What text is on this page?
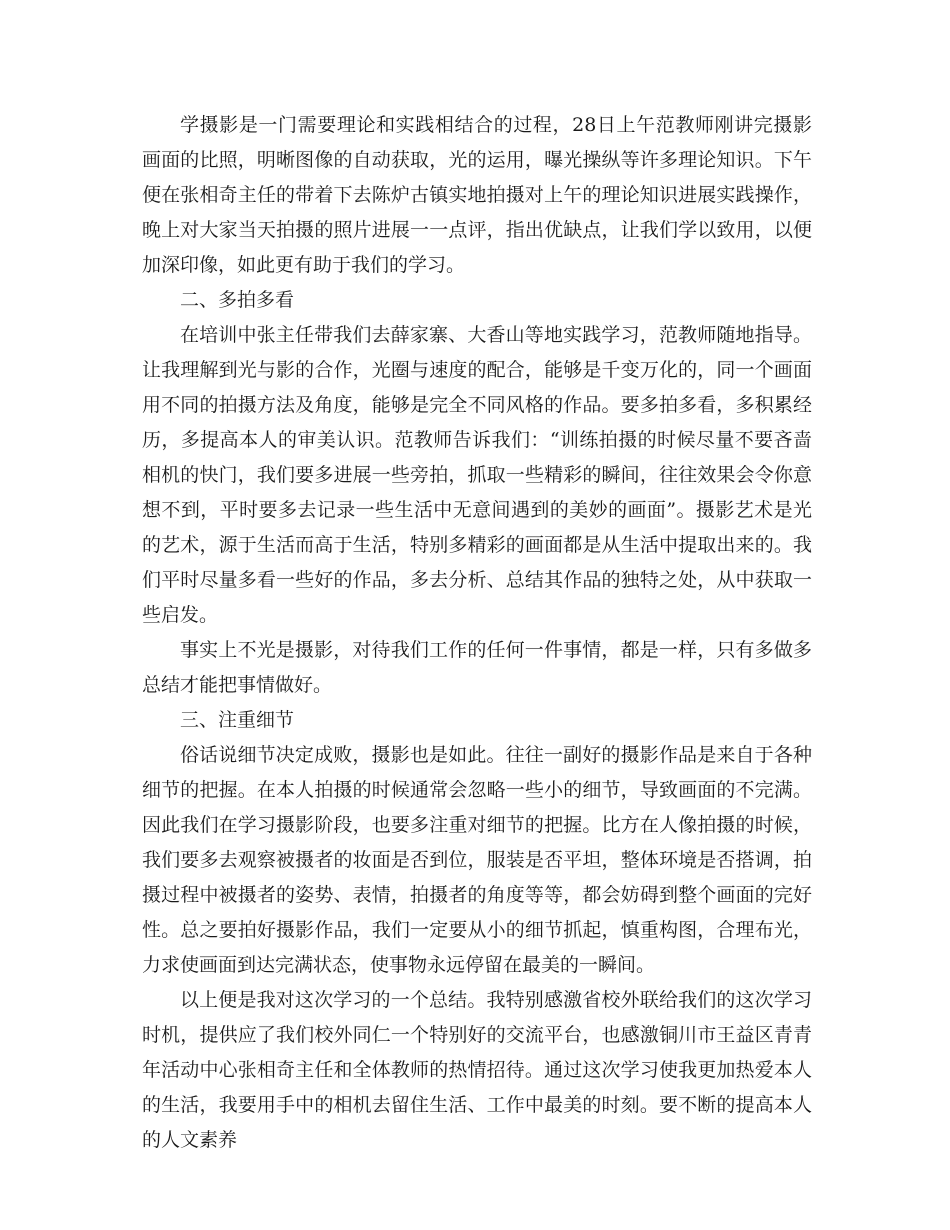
学摄影是一门需要理论和实践相结合的过程，28日上午范教师刚讲完摄影画面的比照，明晰图像的自动获取，光的运用，曝光操纵等许多理论知识。下午便在张相奇主任的带着下去陈炉古镇实地拍摄对上午的理论知识进展实践操作，晚上对大家当天拍摄的照片进展一一点评，指出优缺点，让我们学以致用，以便加深印像，如此更有助于我们的学习。

二、多拍多看

在培训中张主任带我们去薛家寨、大香山等地实践学习，范教师随地指导。让我理解到光与影的合作，光圈与速度的配合，能够是千变万化的，同一个画面用不同的拍摄方法及角度，能够是完全不同风格的作品。要多拍多看，多积累经历，多提高本人的审美认识。范教师告诉我们：“训练拍摄的时候尽量不要吝啬相机的快门，我们要多进展一些旁拍，抓取一些精彩的瞬间，往往效果会令你意想不到，平时要多去记录一些生活中无意间遇到的美妙的画面”。摄影艺术是光的艺术，源于生活而高于生活，特别多精彩的画面都是从生活中提取出来的。我们平时尽量多看一些好的作品，多去分析、总结其作品的独特之处，从中获取一些启发。

事实上不光是摄影，对待我们工作的任何一件事情，都是一样，只有多做多总结才能把事情做好。

三、注重细节

俗话说细节决定成败，摄影也是如此。往往一副好的摄影作品是来自于各种细节的把握。在本人拍摄的时候通常会忽略一些小的细节，导致画面的不完满。因此我们在学习摄影阶段，也要多注重对细节的把握。比方在人像拍摄的时候，我们要多去观察被摄者的妆面是否到位，服装是否平坦，整体环境是否搭调，拍摄过程中被摄者的姿势、表情，拍摄者的角度等等，都会妨碍到整个画面的完好性。总之要拍好摄影作品，我们一定要从小的细节抓起，慎重构图，合理布光，力求使画面到达完满状态，使事物永远停留在最美的一瞬间。

以上便是我对这次学习的一个总结。我特别感激省校外联给我们的这次学习时机，提供应了我们校外同仁一个特别好的交流平台，也感激铜川市王益区青青年活动中心张相奇主任和全体教师的热情招待。通过这次学习使我更加热爱本人的生活，我要用手中的相机去留住生活、工作中最美的时刻。要不断的提高本人的人文素养
